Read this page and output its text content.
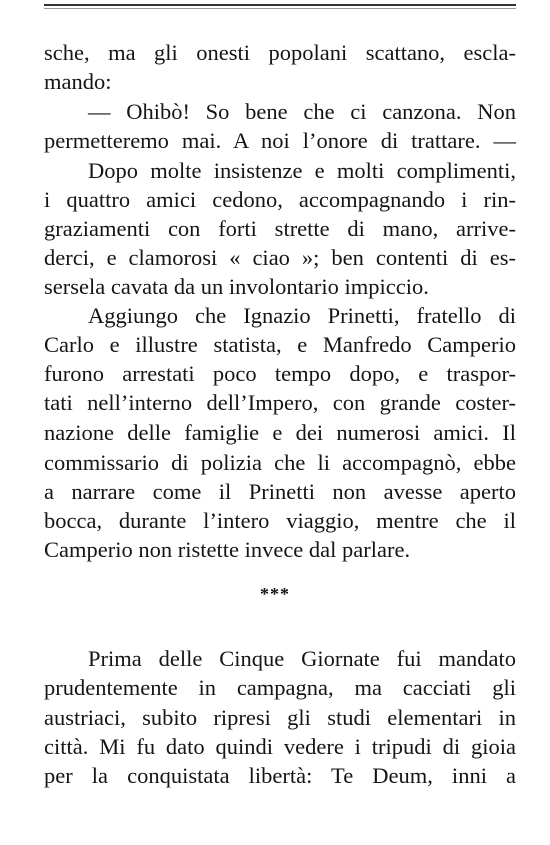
sche, ma gli onesti popolani scattano, escla-
mando:
— Ohibò! So bene che ci canzona. Non
permetteremo mai. A noi l’onore di trattare. —
Dopo molte insistenze e molti complimenti,
i quattro amici cedono, accompagnando i rin-
graziamenti con forti strette di mano, arrive-
derci, e clamorosi « ciao »; ben contenti di es-
sersela cavata da un involontario impiccio.
Aggiungo che Ignazio Prinetti, fratello di
Carlo e illustre statista, e Manfredo Camperio
furono arrestati poco tempo dopo, e traspor-
tati nell’interno dell’Impero, con grande coster-
nazione delle famiglie e dei numerosi amici. Il
commissario di polizia che li accompagnò, ebbe
a narrare come il Prinetti non avesse aperto
bocca, durante l’intero viaggio, mentre che il
Camperio non ristette invece dal parlare.
***
Prima delle Cinque Giornate fui mandato
prudentemente in campagna, ma cacciati gli
austriaci, subito ripresi gli studi elementari in
città. Mi fu dato quindi vedere i tripudi di gioia
per la conquistata libertà: Te Deum, inni a
